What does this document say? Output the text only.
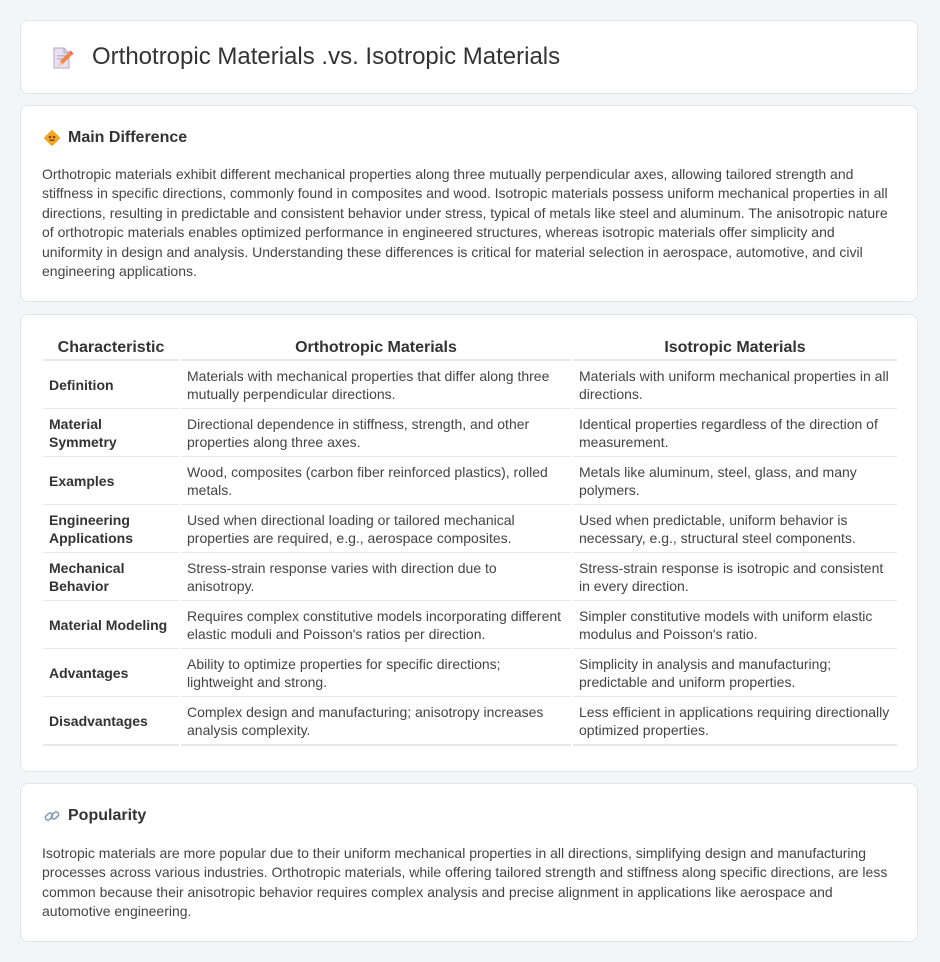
Orthotropic Materials .vs. Isotropic Materials
Main Difference

Orthotropic materials exhibit different mechanical properties along three mutually perpendicular axes, allowing tailored strength and stiffness in specific directions, commonly found in composites and wood. Isotropic materials possess uniform mechanical properties in all directions, resulting in predictable and consistent behavior under stress, typical of metals like steel and aluminum. The anisotropic nature of orthotropic materials enables optimized performance in engineered structures, whereas isotropic materials offer simplicity and uniformity in design and analysis. Understanding these differences is critical for material selection in aerospace, automotive, and civil engineering applications.

Characteristic	Orthotropic Materials	Isotropic Materials
Definition	Materials with mechanical properties that differ along three mutually perpendicular directions.	Materials with uniform mechanical properties in all directions.
Material Symmetry	Directional dependence in stiffness, strength, and other properties along three axes.	Identical properties regardless of the direction of measurement.
Examples	Wood, composites (carbon fiber reinforced plastics), rolled metals.	Metals like aluminum, steel, glass, and many polymers.
Engineering Applications	Used when directional loading or tailored mechanical properties are required, e.g., aerospace composites.	Used when predictable, uniform behavior is necessary, e.g., structural steel components.
Mechanical Behavior	Stress-strain response varies with direction due to anisotropy.	Stress-strain response is isotropic and consistent in every direction.
Material Modeling	Requires complex constitutive models incorporating different elastic moduli and Poisson's ratios per direction.	Simpler constitutive models with uniform elastic modulus and Poisson's ratio.
Advantages	Ability to optimize properties for specific directions; lightweight and strong.	Simplicity in analysis and manufacturing; predictable and uniform properties.
Disadvantages	Complex design and manufacturing; anisotropy increases analysis complexity.	Less efficient in applications requiring directionally optimized properties.
Popularity

Isotropic materials are more popular due to their uniform mechanical properties in all directions, simplifying design and manufacturing processes across various industries. Orthotropic materials, while offering tailored strength and stiffness along specific directions, are less common because their anisotropic behavior requires complex analysis and precise alignment in applications like aerospace and automotive engineering.
